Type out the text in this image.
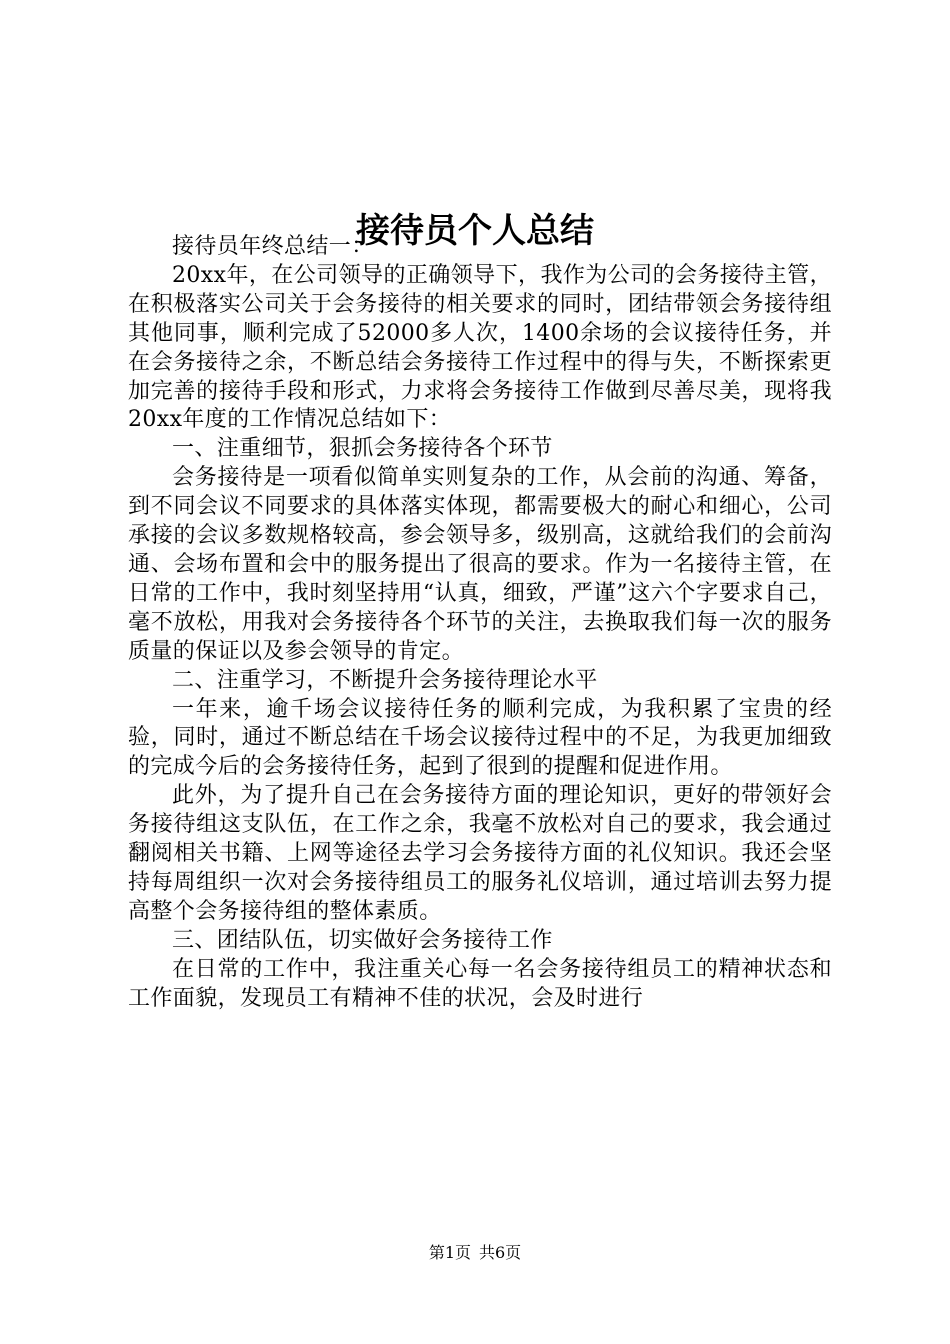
接待员个人总结

接待员年终总结一：

20xx年，在公司领导的正确领导下，我作为公司的会务接待主管，在积极落实公司关于会务接待的相关要求的同时，团结带领会务接待组其他同事，顺利完成了52000多人次，1400余场的会议接待任务，并在会务接待之余，不断总结会务接待工作过程中的得与失，不断探索更加完善的接待手段和形式，力求将会务接待工作做到尽善尽美，现将我20xx年度的工作情况总结如下：

一、注重细节，狠抓会务接待各个环节

会务接待是一项看似简单实则复杂的工作，从会前的沟通、筹备，到不同会议不同要求的具体落实体现，都需要极大的耐心和细心，公司承接的会议多数规格较高，参会领导多，级别高，这就给我们的会前沟通、会场布置和会中的服务提出了很高的要求。作为一名接待主管，在日常的工作中，我时刻坚持用“认真，细致，严谨”这六个字要求自己，毫不放松，用我对会务接待各个环节的关注，去换取我们每一次的服务质量的保证以及参会领导的肯定。

二、注重学习，不断提升会务接待理论水平

一年来，逾千场会议接待任务的顺利完成，为我积累了宝贵的经验，同时，通过不断总结在千场会议接待过程中的不足，为我更加细致的完成今后的会务接待任务，起到了很到的提醒和促进作用。

此外，为了提升自己在会务接待方面的理论知识，更好的带领好会务接待组这支队伍，在工作之余，我毫不放松对自己的要求，我会通过翻阅相关书籍、上网等途径去学习会务接待方面的礼仪知识。我还会坚持每周组织一次对会务接待组员工的服务礼仪培训，通过培训去努力提高整个会务接待组的整体素质。

三、团结队伍，切实做好会务接待工作

在日常的工作中，我注重关心每一名会务接待组员工的精神状态和工作面貌，发现员工有精神不佳的状况，会及时进行

第1页 共6页
